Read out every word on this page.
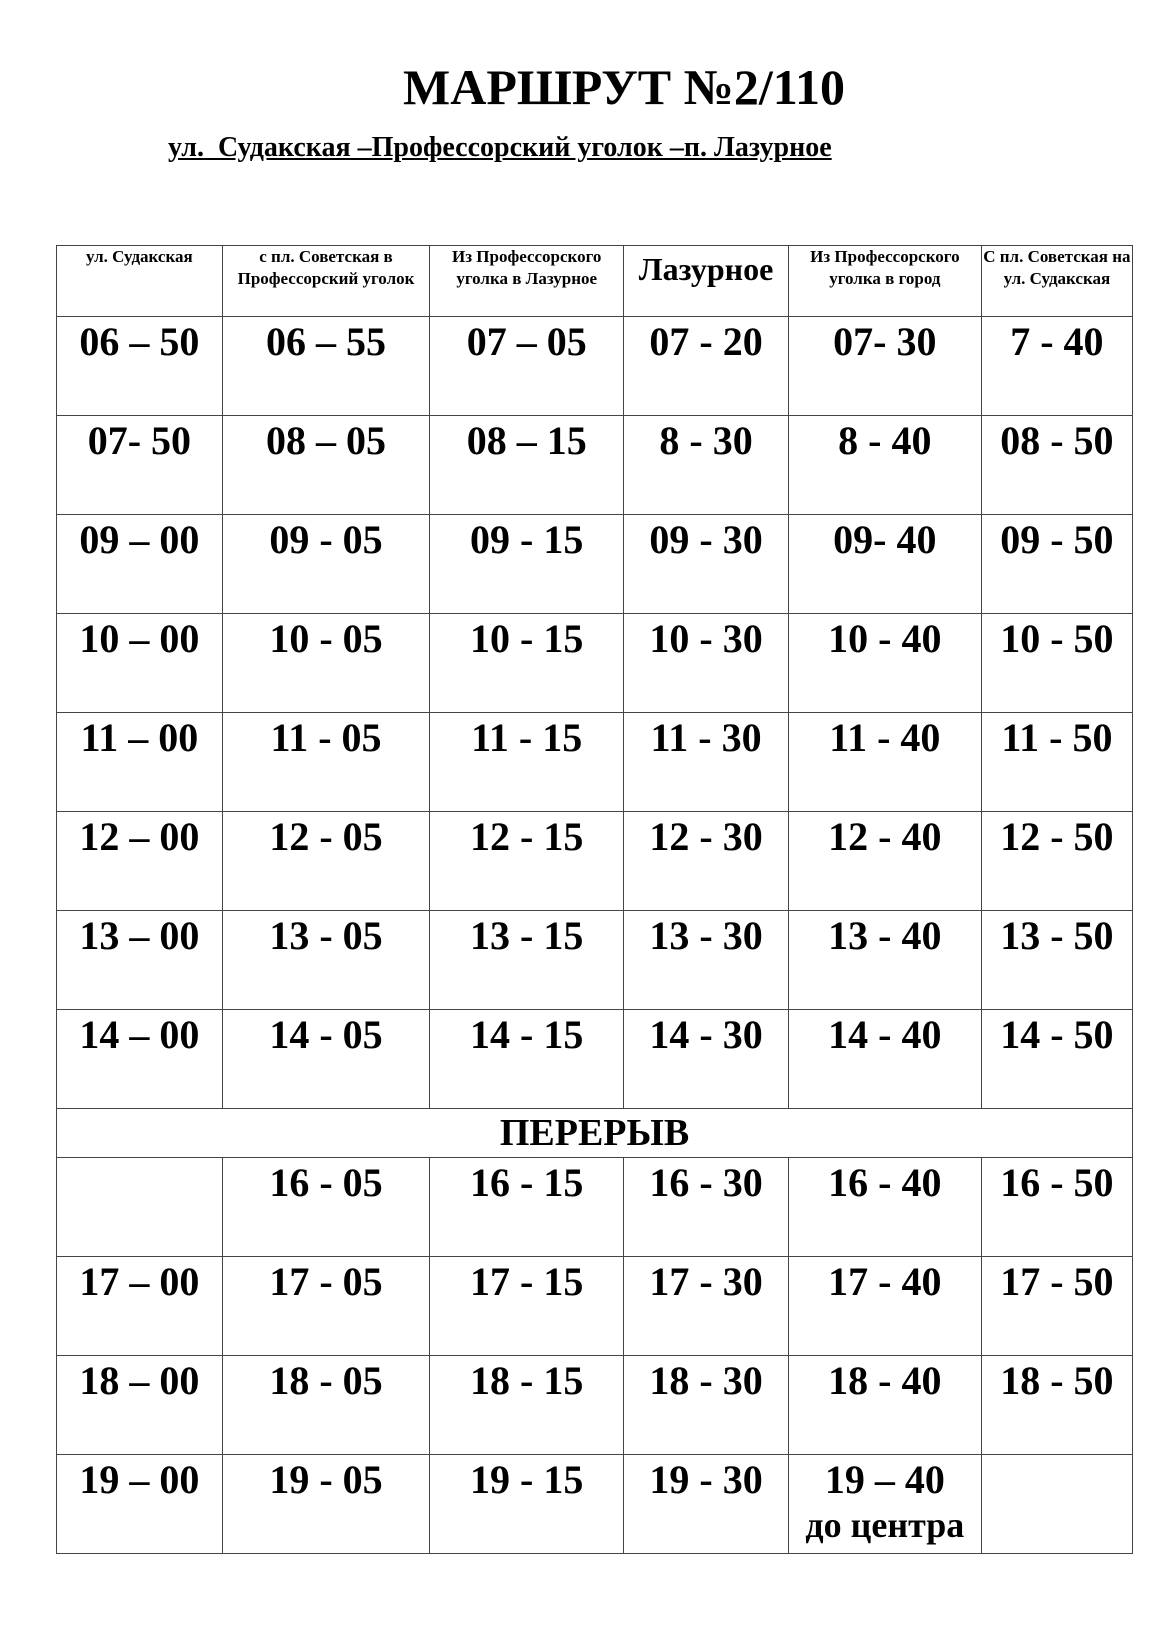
МАРШРУТ №2/110
ул.  Судакская –Профессорский уголок –п. Лазурное
ул. Судакская	с пл. Советская в Профессорский уголок	Из Профессорского уголка в Лазурное	Лазурное	Из Профессорского уголка в город	С пл. Советская на ул. Судакская
06 – 50	06 – 55	07 – 05	07 - 20	07- 30	7 - 40
07- 50	08 – 05	08 – 15	8 - 30	8 - 40	08 - 50
09 – 00	09 - 05	09 - 15	09 - 30	09- 40	09 - 50
10 – 00	10 - 05	10 - 15	10 - 30	10 - 40	10 - 50
11 – 00	11 - 05	11 - 15	11 - 30	11 - 40	11 - 50
12 – 00	12 - 05	12 - 15	12 - 30	12 - 40	12 - 50
13 – 00	13 - 05	13 - 15	13 - 30	13 - 40	13 - 50
14 – 00	14 - 05	14 - 15	14 - 30	14 - 40	14 - 50
ПЕРЕРЫВ					
	16 - 05	16 - 15	16 - 30	16 - 40	16 - 50
17 – 00	17 - 05	17 - 15	17 - 30	17 - 40	17 - 50
18 – 00	18 - 05	18 - 15	18 - 30	18 - 40	18 - 50
19 – 00	19 - 05	19 - 15	19 - 30	19 – 40
до центра	
